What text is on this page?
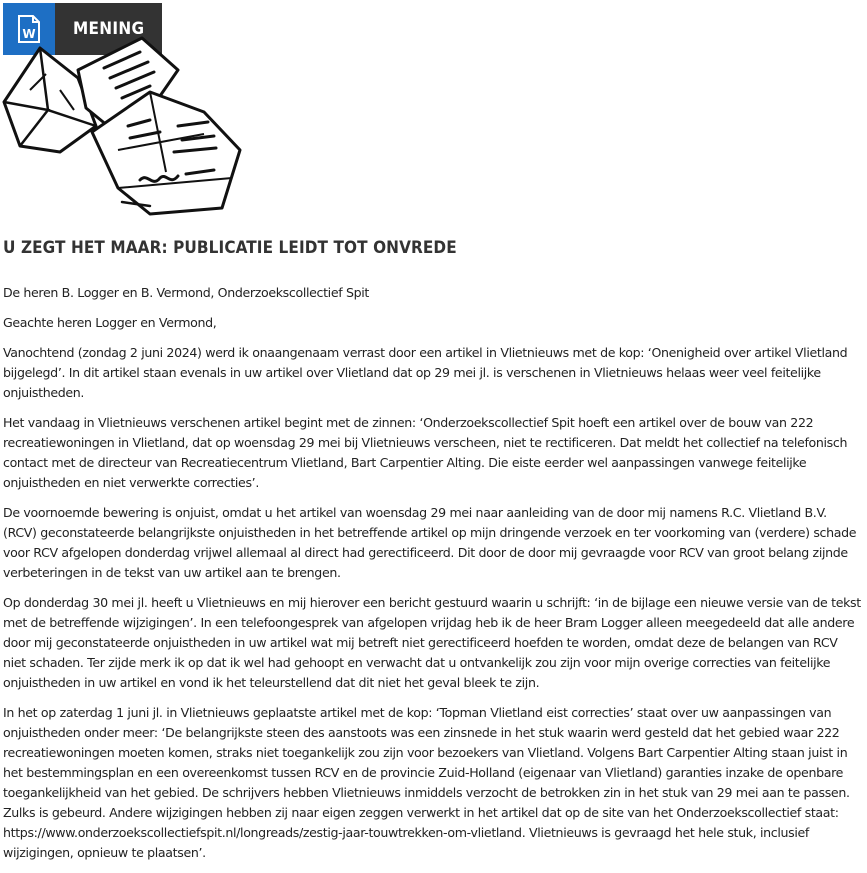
W	MENING
U ZEGT HET MAAR: PUBLICATIE LEIDT TOT ONVREDE

De heren B. Logger en B. Vermond, Onderzoekscollectief Spit

Geachte heren Logger en Vermond,

Vanochtend (zondag 2 juni 2024) werd ik onaangenaam verrast door een artikel in Vlietnieuws met de kop: ‘Onenigheid over artikel Vlietland bijgelegd’. In dit artikel staan evenals in uw artikel over Vlietland dat op 29 mei jl. is verschenen in Vlietnieuws helaas weer veel feitelijke onjuistheden.

Het vandaag in Vlietnieuws verschenen artikel begint met de zinnen: ‘Onderzoekscollectief Spit hoeft een artikel over de bouw van 222 recreatiewoningen in Vlietland, dat op woensdag 29 mei bij Vlietnieuws verscheen, niet te rectificeren. Dat meldt het collectief na telefonisch contact met de directeur van Recreatiecentrum Vlietland, Bart Carpentier Alting. Die eiste eerder wel aanpassingen vanwege feitelijke onjuistheden en niet verwerkte correcties’.

De voornoemde bewering is onjuist, omdat u het artikel van woensdag 29 mei naar aanleiding van de door mij namens R.C. Vlietland B.V. (RCV) geconstateerde belangrijkste onjuistheden in het betreffende artikel op mijn dringende verzoek en ter voorkoming van (verdere) schade voor RCV afgelopen donderdag vrijwel allemaal al direct had gerectificeerd. Dit door de door mij gevraagde voor RCV van groot belang zijnde verbeteringen in de tekst van uw artikel aan te brengen.

Op donderdag 30 mei jl. heeft u Vlietnieuws en mij hierover een bericht gestuurd waarin u schrijft: ‘in de bijlage een nieuwe versie van de tekst met de betreffende wijzigingen’. In een telefoongesprek van afgelopen vrijdag heb ik de heer Bram Logger alleen meegedeeld dat alle andere door mij geconstateerde onjuistheden in uw artikel wat mij betreft niet gerectificeerd hoefden te worden, omdat deze de belangen van RCV niet schaden. Ter zijde merk ik op dat ik wel had gehoopt en verwacht dat u ontvankelijk zou zijn voor mijn overige correcties van feitelijke onjuistheden in uw artikel en vond ik het teleurstellend dat dit niet het geval bleek te zijn.

In het op zaterdag 1 juni jl. in Vlietnieuws geplaatste artikel met de kop: ‘Topman Vlietland eist correcties’ staat over uw aanpassingen van onjuistheden onder meer: ‘De belangrijkste steen des aanstoots was een zinsnede in het stuk waarin werd gesteld dat het gebied waar 222 recreatiewoningen moeten komen, straks niet toegankelijk zou zijn voor bezoekers van Vlietland. Volgens Bart Carpentier Alting staan juist in het bestemmingsplan en een overeenkomst tussen RCV en de provincie Zuid-Holland (eigenaar van Vlietland) garanties inzake de openbare toegankelijkheid van het gebied. De schrijvers hebben Vlietnieuws inmiddels verzocht de betrokken zin in het stuk van 29 mei aan te passen. Zulks is gebeurd. Andere wijzigingen hebben zij naar eigen zeggen verwerkt in het artikel dat op de site van het Onderzoekscollectief staat: https://www.onderzoekscollectiefspit.nl/longreads/zestig-jaar-touwtrekken-om-vlietland. Vlietnieuws is gevraagd het hele stuk, inclusief wijzigingen, opnieuw te plaatsen’.
